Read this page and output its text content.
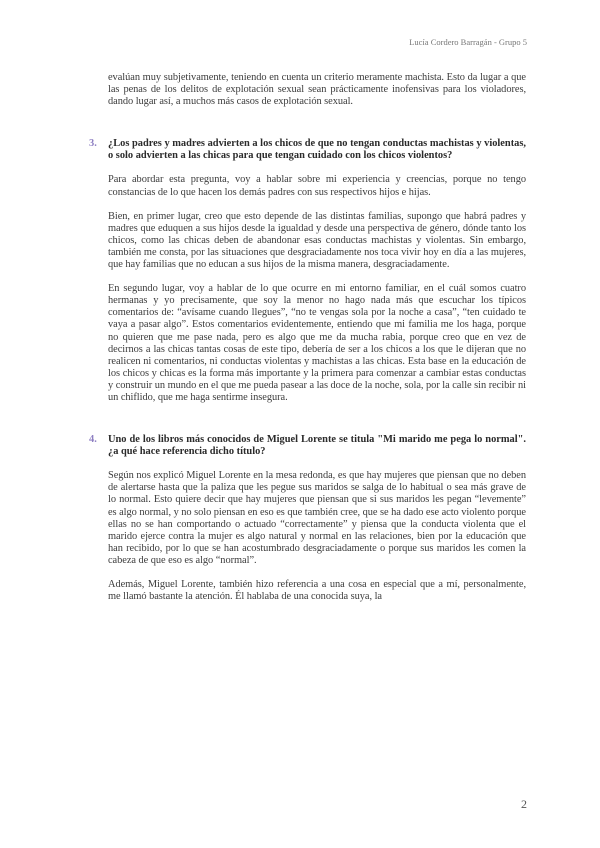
Lucía Cordero Barragán - Grupo 5

evalúan muy subjetivamente, teniendo en cuenta un criterio meramente machista. Esto da lugar a que las penas de los delitos de explotación sexual sean prácticamente inofensivas para los violadores, dando lugar así, a muchos más casos de explotación sexual.

3. ¿Los padres y madres advierten a los chicos de que no tengan conductas machistas y violentas, o solo advierten a las chicas para que tengan cuidado con los chicos violentos?

Para abordar esta pregunta, voy a hablar sobre mi experiencia y creencias, porque no tengo constancias de lo que hacen los demás padres con sus respectivos hijos e hijas.

Bien, en primer lugar, creo que esto depende de las distintas familias, supongo que habrá padres y madres que eduquen a sus hijos desde la igualdad y desde una perspectiva de género, dónde tanto los chicos, como las chicas deben de abandonar esas conductas machistas y violentas. Sin embargo, también me consta, por las situaciones que desgraciadamente nos toca vivir hoy en día a las mujeres, que hay familias que no educan a sus hijos de la misma manera, desgraciadamente.

En segundo lugar, voy a hablar de lo que ocurre en mi entorno familiar, en el cuál somos cuatro hermanas y yo precisamente, que soy la menor no hago nada más que escuchar los típicos comentarios de: “avísame cuando llegues”, “no te vengas sola por la noche a casa”, “ten cuidado te vaya a pasar algo”. Estos comentarios evidentemente, entiendo que mi familia me los haga, porque no quieren que me pase nada, pero es algo que me da mucha rabia, porque creo que en vez de decirnos a las chicas tantas cosas de este tipo, debería de ser a los chicos a los que le dijeran que no realicen ni comentarios, ni conductas violentas y machistas a las chicas. Esta base en la educación de los chicos y chicas es la forma más importante y la primera para comenzar a cambiar estas conductas y construir un mundo en el que me pueda pasear a las doce de la noche, sola, por la calle sin recibir ni un chiflido, que me haga sentirme insegura.

4. Uno de los libros más conocidos de Miguel Lorente se titula "Mi marido me pega lo normal". ¿a qué hace referencia dicho título?

Según nos explicó Miguel Lorente en la mesa redonda, es que hay mujeres que piensan que no deben de alertarse hasta que la paliza que les pegue sus maridos se salga de lo habitual o sea más grave de lo normal. Esto quiere decir que hay mujeres que piensan que si sus maridos les pegan “levemente” es algo normal, y no solo piensan en eso es que también cree, que se ha dado ese acto violento porque ellas no se han comportando o actuado “correctamente” y piensa que la conducta violenta que el marido ejerce contra la mujer es algo natural y normal en las relaciones, bien por la educación que han recibido, por lo que se han acostumbrado desgraciadamente o porque sus maridos les comen la cabeza de que eso es algo “normal”.

Además, Miguel Lorente, también hizo referencia a una cosa en especial que a mí, personalmente, me llamó bastante la atención. Él hablaba de una conocida suya, la

2
